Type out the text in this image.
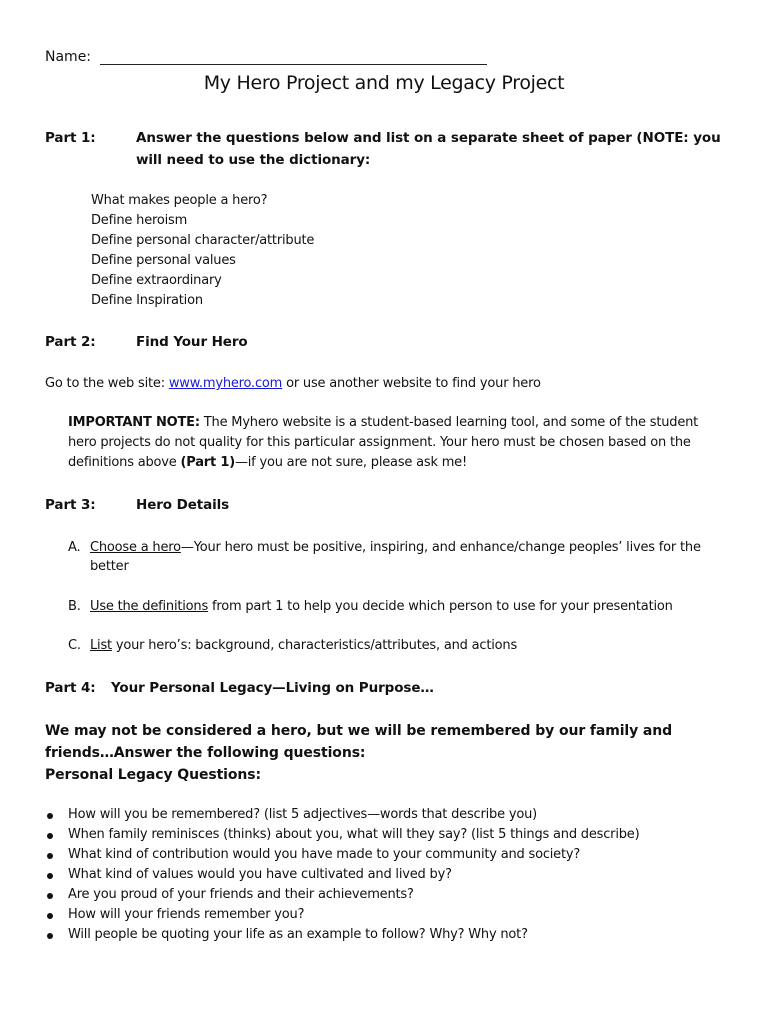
Name:
My Hero Project and my Legacy Project
Part 1:	Answer the questions below and list on a separate sheet of paper (NOTE: you
will need to use the dictionary:
What makes people a hero?
Define heroism
Define personal character/attribute
Define personal values
Define extraordinary
Define Inspiration
Part 2:	Find Your Hero
Go to the web site: www.myhero.com or use another website to find your hero
IMPORTANT NOTE: The Myhero website is a student-based learning tool, and some of the student
hero projects do not quality for this particular assignment. Your hero must be chosen based on the
definitions above (Part 1)—if you are not sure, please ask me!
Part 3:	Hero Details
A. Choose a hero—Your hero must be positive, inspiring, and enhance/change peoples’ lives for the
better
B. Use the definitions from part 1 to help you decide which person to use for your presentation
C. List your hero’s: background, characteristics/attributes, and actions
Part 4: Your Personal Legacy—Living on Purpose…
We may not be considered a hero, but we will be remembered by our family and
friends…Answer the following questions:
Personal Legacy Questions:
How will you be remembered? (list 5 adjectives—words that describe you)
When family reminisces (thinks) about you, what will they say? (list 5 things and describe)
What kind of contribution would you have made to your community and society?
What kind of values would you have cultivated and lived by?
Are you proud of your friends and their achievements?
How will your friends remember you?
Will people be quoting your life as an example to follow? Why? Why not?
